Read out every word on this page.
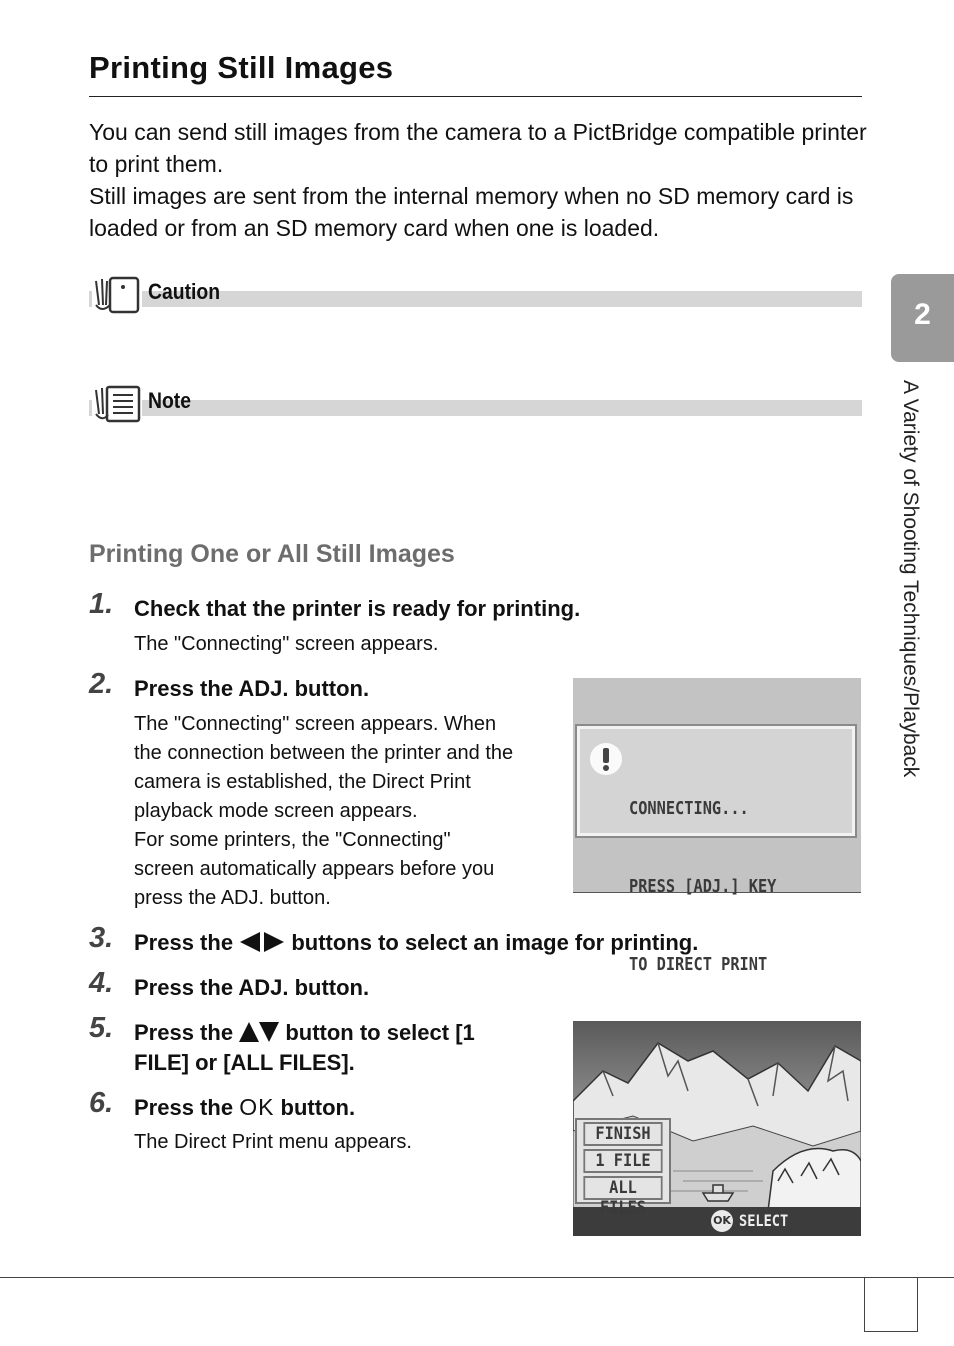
Printing Still Images

You can send still images from the camera to a PictBridge compatible printer to print them.

Still images are sent from the internal memory when no SD memory card is loaded or from an SD memory card when one is loaded.

Caution
Note
Printing One or All Still Images
1. Check that the printer is ready for printing.

The "Connecting" screen appears.

2. Press the ADJ. button.

The "Connecting" screen appears. When

the connection between the printer and the

camera is established, the Direct Print

playback mode screen appears.

For some printers, the "Connecting"

screen automatically appears before you

press the ADJ. button.

CONNECTING...

PRESS [ADJ.] KEY

TO DIRECT PRINT

3. Press the	buttons to select an image for printing.

4. Press the ADJ. button.

5. Press the button to select [1
FILE] or [ALL FILES].

6. Press the OK button.

The Direct Print menu appears.	FINISH
1 FILE
ALL FILES
OK SELECT
2
A Variety of Shooting Techniques/Playback
